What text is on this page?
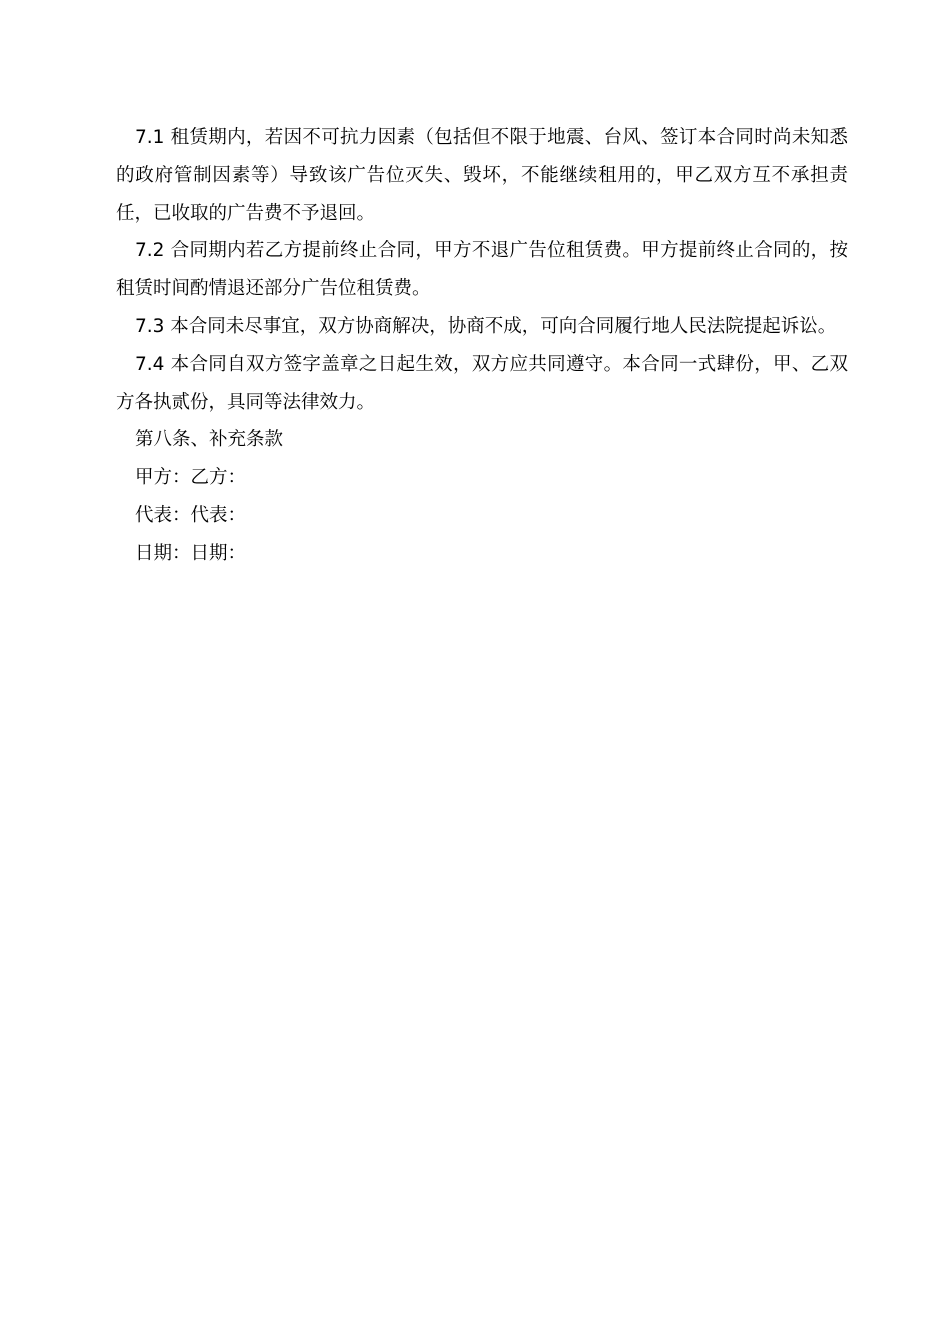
7.1 租赁期内，若因不可抗力因素（包括但不限于地震、台风、签订本合同时尚未知悉的政府管制因素等）导致该广告位灭失、毁坏，不能继续租用的，甲乙双方互不承担责任，已收取的广告费不予退回。

7.2 合同期内若乙方提前终止合同，甲方不退广告位租赁费。甲方提前终止合同的，按租赁时间酌情退还部分广告位租赁费。

7.3 本合同未尽事宜，双方协商解决，协商不成，可向合同履行地人民法院提起诉讼。

7.4 本合同自双方签字盖章之日起生效，双方应共同遵守。本合同一式肆份，甲、乙双方各执贰份，具同等法律效力。

第八条、补充条款

甲方：乙方：

代表：代表：

日期：日期：
